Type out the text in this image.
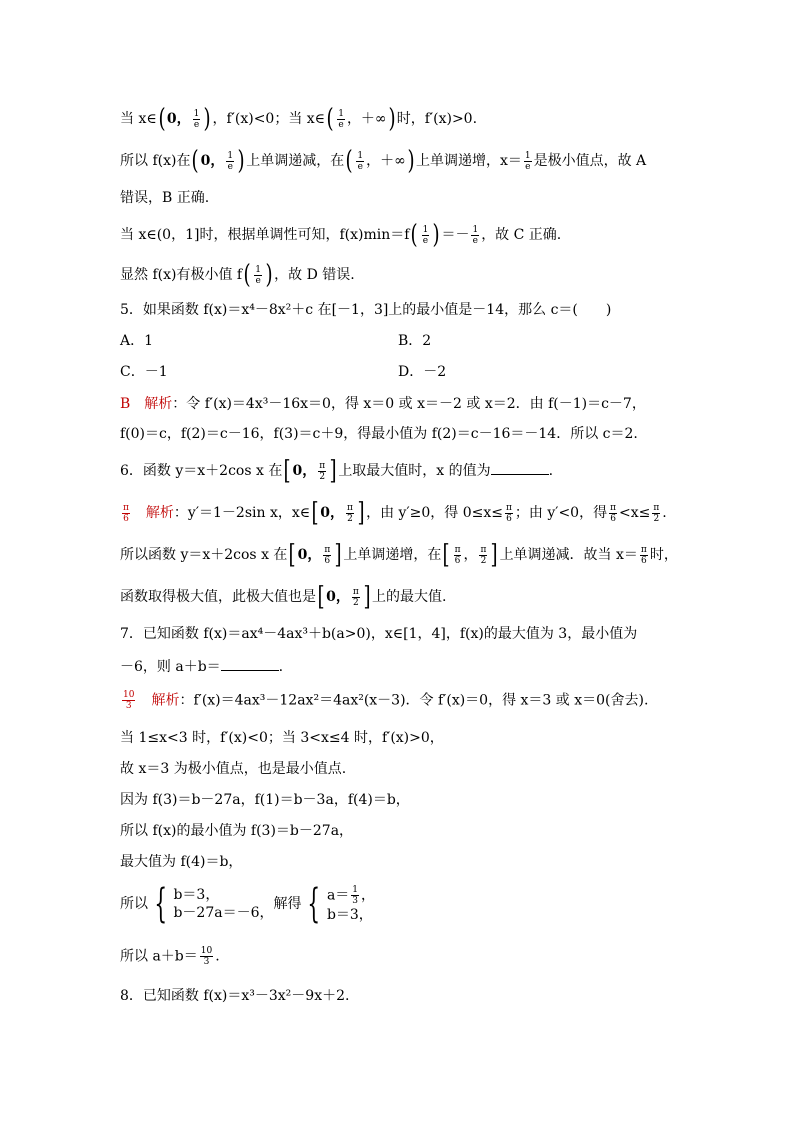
当 x∈( 0， $\frac{1}{e}$ ) ，f′(x)<0；当 x∈( $\frac{1}{e}$ ，＋∞) 时，f′(x)>0.
所以 f(x)在( 0， $\frac{1}{e}$ ) 上单调递减，在( $\frac{1}{e}$ ，＋∞) 上单调递增，$x= \frac{1}{e}$ 是极小值点，故 A
错误，B 正确.
当 x∈(0，1]时，根据单调性可知，$f(x)\min=f( \frac{1}{e}$ ) ＝－ $\frac{1}{e}$ ，故 C 正确.
显然 f(x)有极小值 $f( \frac{1}{e}$ ) ，故 D 错误.
5．如果函数 f(x)＝x⁴－8x²＋c 在[－1，3]上的最小值是－14，那么 c＝(　　)
A．1	B．2
C．－1	D．－2
B　 解析：令 f′(x)＝4x³－16x＝0，得 x＝0 或 x＝－2 或 x＝2．由 f(－1)＝c－7，
f(0)＝c，f(2)＝c－16，f(3)＝c＋9，得最小值为 f(2)＝c－16＝－14．所以 c＝2.
6．函数 y＝x＋2cos x 在[ 0， $\frac{\pi}{2}$ ] 上取最大值时，x 的值为	.
$\frac{\pi}{6}$
　 解析：y′＝1－2sin x，x∈[ 0， $\frac{\pi}{2}$ ] ，由 y′≥0，得 $0\le x\le \frac{\pi}{6}$ ；由 y′<0，得 $\frac{\pi}{6} <x\le \frac{\pi}{2}$ .
所以函数 y＝x＋2cos x 在[ 0， $\frac{\pi}{6}$ ] 上单调递增，在[ $\frac{\pi}{6}$ ， $\frac{\pi}{2}$ ] 上单调递减．故当 $x= \frac{\pi}{6}$ 时，
函数取得极大值，此极大值也是[ 0， $\frac{\pi}{2}$ ] 上的最大值.
7．已知函数 f(x)＝ax⁴－4ax³＋b(a>0)，x∈[1，4]，f(x)的最大值为 3，最小值为
－6，则 a＋b＝	.
$\frac{10}{3}$
　 解析：f′(x)＝4ax³－12ax²＝4ax²(x－3)．令 f′(x)＝0，得 x＝3 或 x＝0(舍去).
当 1≤x<3 时，f′(x)<0；当 3<x≤4 时，f′(x)>0，
故 x＝3 为极小值点，也是最小值点.
因为 f(3)＝b－27a，f(1)＝b－3a，f(4)＝b，
所以 f(x)的最小值为 f(3)＝b－27a，
最大值为 f(4)＝b，
所以 { b＝3，
b－27a＝－6，
解得 { $a= \frac{1}{3}$ ，
b＝3，
所以 $a+b= \frac{10}{3}$ .
8．已知函数 f(x)＝x³－3x²－9x＋2.
